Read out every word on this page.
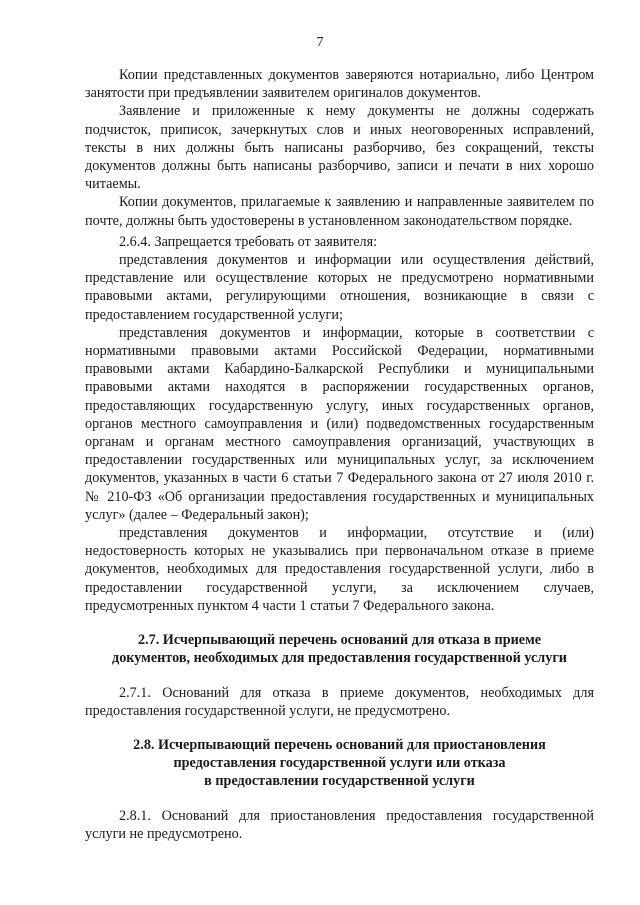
7

Копии представленных документов заверяются нотариально, либо Центром занятости при предъявлении заявителем оригиналов документов.

Заявление и приложенные к нему документы не должны содержать подчисток, приписок, зачеркнутых слов и иных неоговоренных исправлений, тексты в них должны быть написаны разборчиво, без сокращений, тексты документов должны быть написаны разборчиво, записи и печати в них хорошо читаемы.

Копии документов, прилагаемые к заявлению и направленные заявителем по почте, должны быть удостоверены в установленном законодательством порядке.

2.6.4. Запрещается требовать от заявителя:

представления документов и информации или осуществления действий, представление или осуществление которых не предусмотрено нормативными правовыми актами, регулирующими отношения, возникающие в связи с предоставлением государственной услуги;

представления документов и информации, которые в соответствии с нормативными правовыми актами Российской Федерации, нормативными правовыми актами Кабардино-Балкарской Республики и муниципальными правовыми актами находятся в распоряжении государственных органов, предоставляющих государственную услугу, иных государственных органов, органов местного самоуправления и (или) подведомственных государственным органам и органам местного самоуправления организаций, участвующих в предоставлении государственных или муниципальных услуг, за исключением документов, указанных в части 6 статьи 7 Федерального закона от 27 июля 2010 г. № 210-ФЗ «Об организации предоставления государственных и муниципальных услуг» (далее – Федеральный закон);

представления документов и информации, отсутствие и (или) недостоверность которых не указывались при первоначальном отказе в приеме документов, необходимых для предоставления государственной услуги, либо в предоставлении государственной услуги, за исключением случаев, предусмотренных пунктом 4 части 1 статьи 7 Федерального закона.

2.7. Исчерпывающий перечень оснований для отказа в приеме

документов, необходимых для предоставления государственной услуги

2.7.1. Оснований для отказа в приеме документов, необходимых для предоставления государственной услуги, не предусмотрено.

2.8. Исчерпывающий перечень оснований для приостановления

предоставления государственной услуги или отказа

в предоставлении государственной услуги

2.8.1. Оснований для приостановления предоставления государственной услуги не предусмотрено.
